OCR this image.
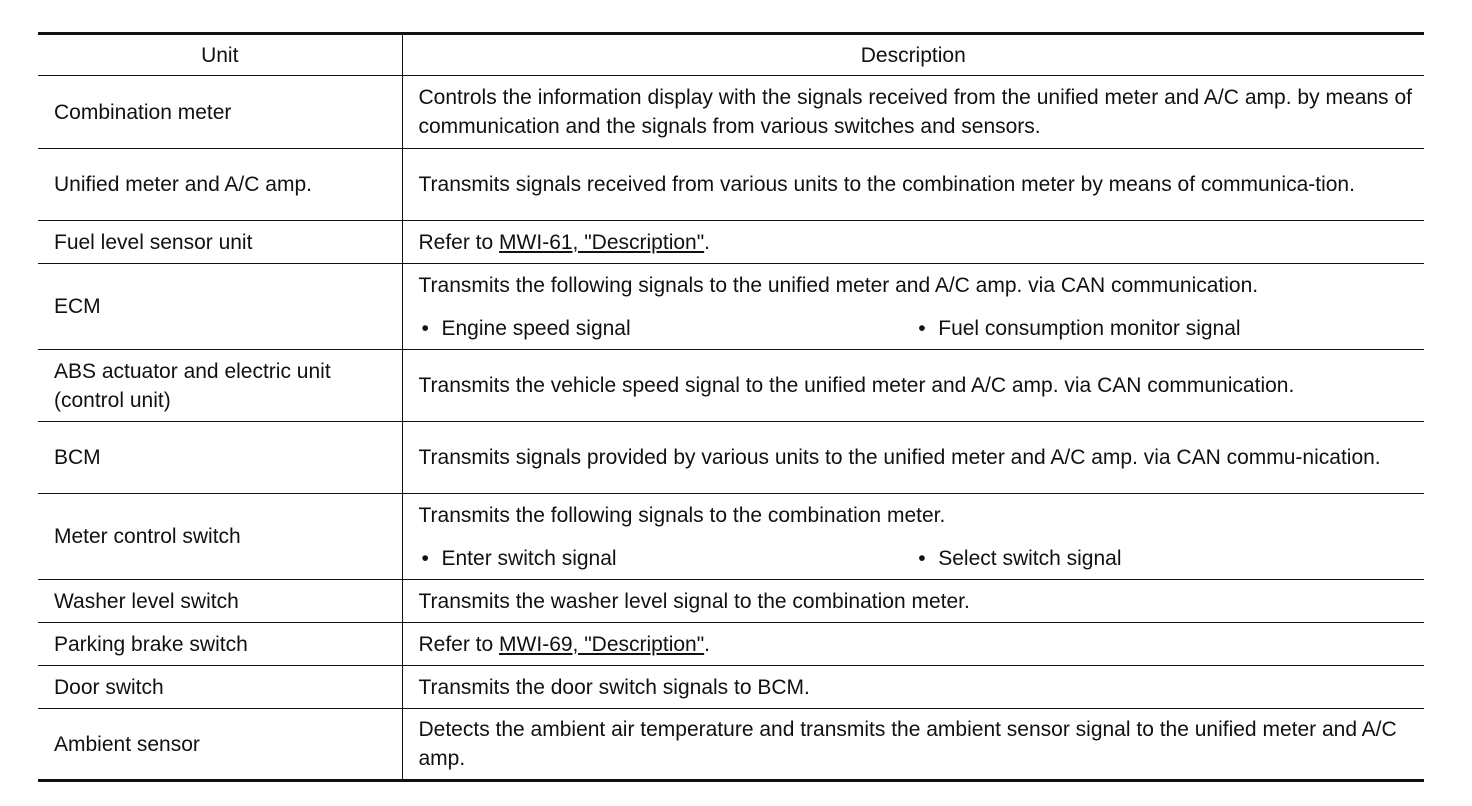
Unit	Description
Combination meter	Controls the information display with the signals received from the unified meter and A/C amp. by means of communication and the signals from various switches and sensors.

Unified meter and A/C amp.	Transmits signals received from various units to the combination meter by means of communica-tion.

Fuel level sensor unit	Refer to MWI-61, "Description".
ECM	Transmits the following signals to the unified meter and A/C amp. via CAN communication.
• Engine speed signal • Fuel consumption monitor signal

ABS actuator and electric unit
(control unit)	Transmits the vehicle speed signal to the unified meter and A/C amp. via CAN communication.

BCM	Transmits signals provided by various units to the unified meter and A/C amp. via CAN commu-nication.

Meter control switch	Transmits the following signals to the combination meter.
• Enter switch signal • Select switch signal

Washer level switch	Transmits the washer level signal to the combination meter.
Parking brake switch	Refer to MWI-69, "Description".
Door switch	Transmits the door switch signals to BCM.
Ambient sensor	Detects the ambient air temperature and transmits the ambient sensor signal to the unified meter and A/C amp.
